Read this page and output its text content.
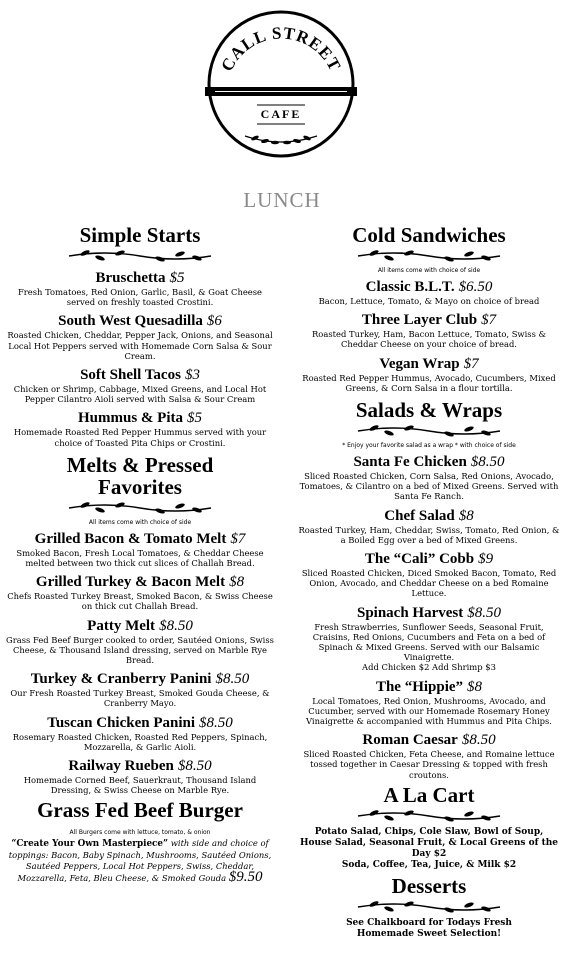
CALL STREET
CAFE
LUNCH
Simple Starts
Bruschetta $5
Fresh Tomatoes, Red Onion, Garlic, Basil, & Goat Cheese served on freshly toasted Crostini.
South West Quesadilla $6
Roasted Chicken, Cheddar, Pepper Jack, Onions, and Seasonal Local Hot Peppers served with Homemade Corn Salsa & Sour Cream.
Soft Shell Tacos $3
Chicken or Shrimp, Cabbage, Mixed Greens, and Local Hot Pepper Cilantro Aioli served with Salsa & Sour Cream
Hummus & Pita $5
Homemade Roasted Red Pepper Hummus served with your choice of Toasted Pita Chips or Crostini.
Melts & Pressed
Favorites
All items come with choice of side
Grilled Bacon & Tomato Melt $7
Smoked Bacon, Fresh Local Tomatoes, & Cheddar Cheese melted between two thick cut slices of Challah Bread.
Grilled Turkey & Bacon Melt $8
Chefs Roasted Turkey Breast, Smoked Bacon, & Swiss Cheese on thick cut Challah Bread.
Patty Melt $8.50
Grass Fed Beef Burger cooked to order, Sautéed Onions, Swiss Cheese, & Thousand Island dressing, served on Marble Rye Bread.
Turkey & Cranberry Panini $8.50
Our Fresh Roasted Turkey Breast, Smoked Gouda Cheese, & Cranberry Mayo.
Tuscan Chicken Panini $8.50
Rosemary Roasted Chicken, Roasted Red Peppers, Spinach, Mozzarella, & Garlic Aioli.
Railway Rueben $8.50
Homemade Corned Beef, Sauerkraut, Thousand Island Dressing, & Swiss Cheese on Marble Rye.
Grass Fed Beef Burger
All Burgers come with lettuce, tomato, & onion
“Create Your Own Masterpiece” with side and choice of toppings: Bacon, Baby Spinach, Mushrooms, Sautéed Onions, Sautéed Peppers, Local Hot Peppers, Swiss, Cheddar, Mozzarella, Feta, Bleu Cheese, & Smoked Gouda $9.50
Cold Sandwiches
All items come with choice of side
Classic B.L.T. $6.50
Bacon, Lettuce, Tomato, & Mayo on choice of bread
Three Layer Club $7
Roasted Turkey, Ham, Bacon Lettuce, Tomato, Swiss & Cheddar Cheese on your choice of bread.
Vegan Wrap $7
Roasted Red Pepper Hummus, Avocado, Cucumbers, Mixed Greens, & Corn Salsa in a flour tortilla.
Salads & Wraps
* Enjoy your favorite salad as a wrap * with choice of side
Santa Fe Chicken $8.50
Sliced Roasted Chicken, Corn Salsa, Red Onions, Avocado, Tomatoes, & Cilantro on a bed of Mixed Greens. Served with Santa Fe Ranch.
Chef Salad $8
Roasted Turkey, Ham, Cheddar, Swiss, Tomato, Red Onion, & a Boiled Egg over a bed of Mixed Greens.
The “Cali” Cobb $9
Sliced Roasted Chicken, Diced Smoked Bacon, Tomato, Red Onion, Avocado, and Cheddar Cheese on a bed Romaine Lettuce.
Spinach Harvest $8.50
Fresh Strawberries, Sunflower Seeds, Seasonal Fruit, Craisins, Red Onions, Cucumbers and Feta on a bed of Spinach & Mixed Greens. Served with our Balsamic Vinaigrette.
Add Chicken $2 Add Shrimp $3
The “Hippie” $8
Local Tomatoes, Red Onion, Mushrooms, Avocado, and Cucumber, served with our Homemade Rosemary Honey Vinaigrette & accompanied with Hummus and Pita Chips.
Roman Caesar $8.50
Sliced Roasted Chicken, Feta Cheese, and Romaine lettuce tossed together in Caesar Dressing & topped with fresh croutons.
A La Cart
Potato Salad, Chips, Cole Slaw, Bowl of Soup,
House Salad, Seasonal Fruit, & Local Greens of the Day $2
Soda, Coffee, Tea, Juice, & Milk $2
Desserts
See Chalkboard for Todays Fresh Homemade Sweet Selection!
